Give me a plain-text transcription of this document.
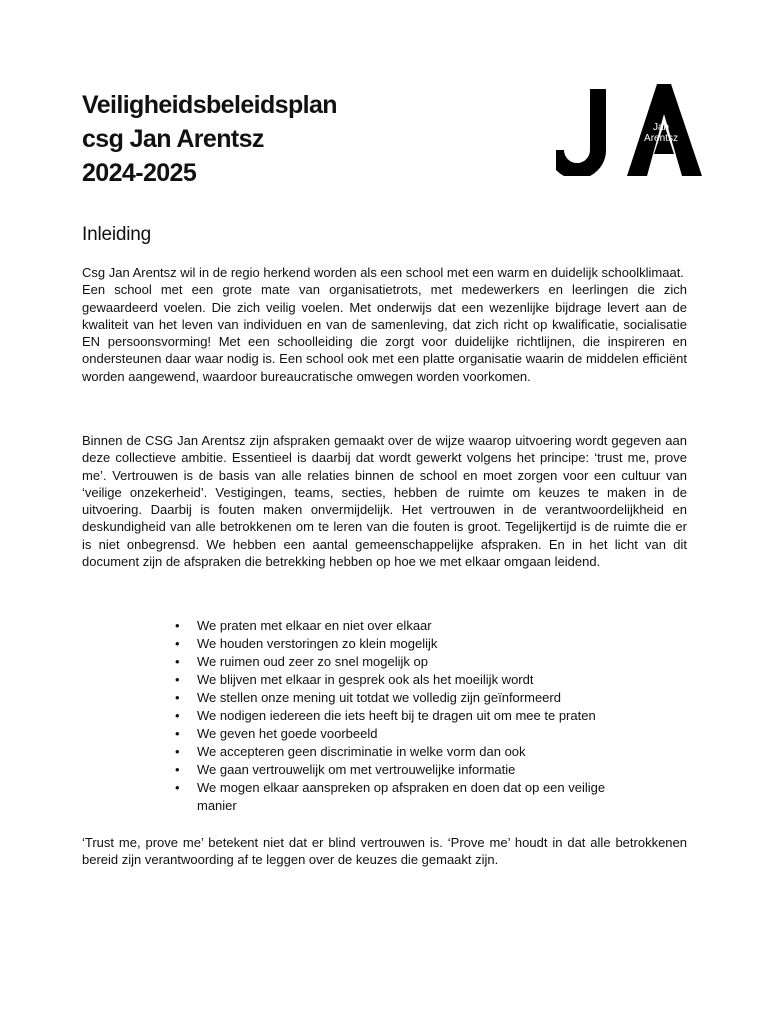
Veiligheidsbeleidsplan
csg Jan Arentsz
2024-2025
Jan
Arentsz
Inleiding

Csg Jan Arentsz wil in de regio herkend worden als een school met een warm en duidelijk schoolklimaat.
Een school met een grote mate van organisatietrots, met medewerkers en leerlingen die zich gewaardeerd voelen. Die zich veilig voelen. Met onderwijs dat een wezenlijke bijdrage levert aan de kwaliteit van het leven van individuen en van de samenleving, dat zich richt op kwalificatie, socialisatie EN persoonsvorming! Met een schoolleiding die zorgt voor duidelijke richtlijnen, die inspireren en ondersteunen daar waar nodig is. Een school ook met een platte organisatie waarin de middelen efficiënt worden aangewend, waardoor bureaucratische omwegen worden voorkomen.

Binnen de CSG Jan Arentsz zijn afspraken gemaakt over de wijze waarop uitvoering wordt gegeven aan deze collectieve ambitie. Essentieel is daarbij dat wordt gewerkt volgens het principe: ‘trust me, prove me’. Vertrouwen is de basis van alle relaties binnen de school en moet zorgen voor een cultuur van ‘veilige onzekerheid’. Vestigingen, teams, secties, hebben de ruimte om keuzes te maken in de uitvoering. Daarbij is fouten maken onvermijdelijk. Het vertrouwen in de verantwoordelijkheid en deskundigheid van alle betrokkenen om te leren van die fouten is groot. Tegelijkertijd is de ruimte die er is niet onbegrensd. We hebben een aantal gemeenschappelijke afspraken. En in het licht van dit document zijn de afspraken die betrekking hebben op hoe we met elkaar omgaan leidend.

• We praten met elkaar en niet over elkaar
• We houden verstoringen zo klein mogelijk
• We ruimen oud zeer zo snel mogelijk op
• We blijven met elkaar in gesprek ook als het moeilijk wordt
• We stellen onze mening uit totdat we volledig zijn geïnformeerd
• We nodigen iedereen die iets heeft bij te dragen uit om mee te praten
• We geven het goede voorbeeld
• We accepteren geen discriminatie in welke vorm dan ook
• We gaan vertrouwelijk om met vertrouwelijke informatie
• We mogen elkaar aanspreken op afspraken en doen dat op een veilige manier

‘Trust me, prove me’ betekent niet dat er blind vertrouwen is. ‘Prove me’ houdt in dat alle betrokkenen bereid zijn verantwoording af te leggen over de keuzes die gemaakt zijn.
